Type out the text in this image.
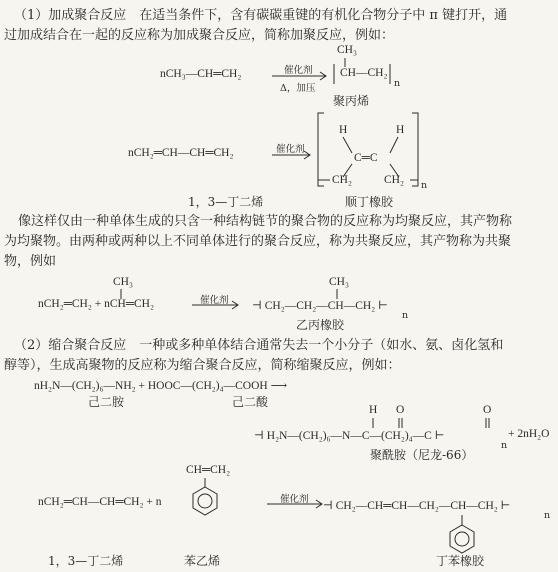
（1）加成聚合反应　在适当条件下，含有碳碳重键的有机化合物分子中 π 键打开，通
过加成结合在一起的反应称为加成聚合反应，简称加聚反应，例如：
nCH₃—CH═CH₂	催化剂
Δ，加压
CH₃
CH—CH₂
n
聚丙烯
nCH₂═CH—CH═CH₂	催化剂
H	H
C═C
CH₂	CH₂ n
1，3—丁二烯	顺丁橡胶
像这样仅由一种单体生成的只含一种结构链节的聚合物的反应称为均聚反应，其产物称
为均聚物。由两种或两种以上不同单体进行的聚合反应，称为共聚反应，其产物称为共聚
物，例如
CH₃
nCH₂═CH₂ + nCH═CH₂	催化剂
CH₃
⊣ CH₂—CH₂—CH—CH₂ ⊢
n
乙丙橡胶
（2）缩合聚合反应　一种或多种单体结合通常失去一个小分子（如水、氨、卤化氢和
醇等），生成高聚物的反应称为缩合聚合反应，简称缩聚反应，例如：
nH₂N—(CH₂)₆—NH₂ + HOOC—(CH₂)₄—COOH ⟶
己二胺	己二酸
H O	O
⊣ H₂N—(CH₂)₆—N—C—(CH₂)₄—C ⊢
n
+ 2nH₂O
聚酰胺（尼龙-66）
CH═CH₂
nCH₂═CH—CH═CH₂ + n	催化剂
⊣ CH₂—CH═CH—CH₂—CH—CH₂ ⊢
n
1，3—丁二烯	苯乙烯	丁苯橡胶
